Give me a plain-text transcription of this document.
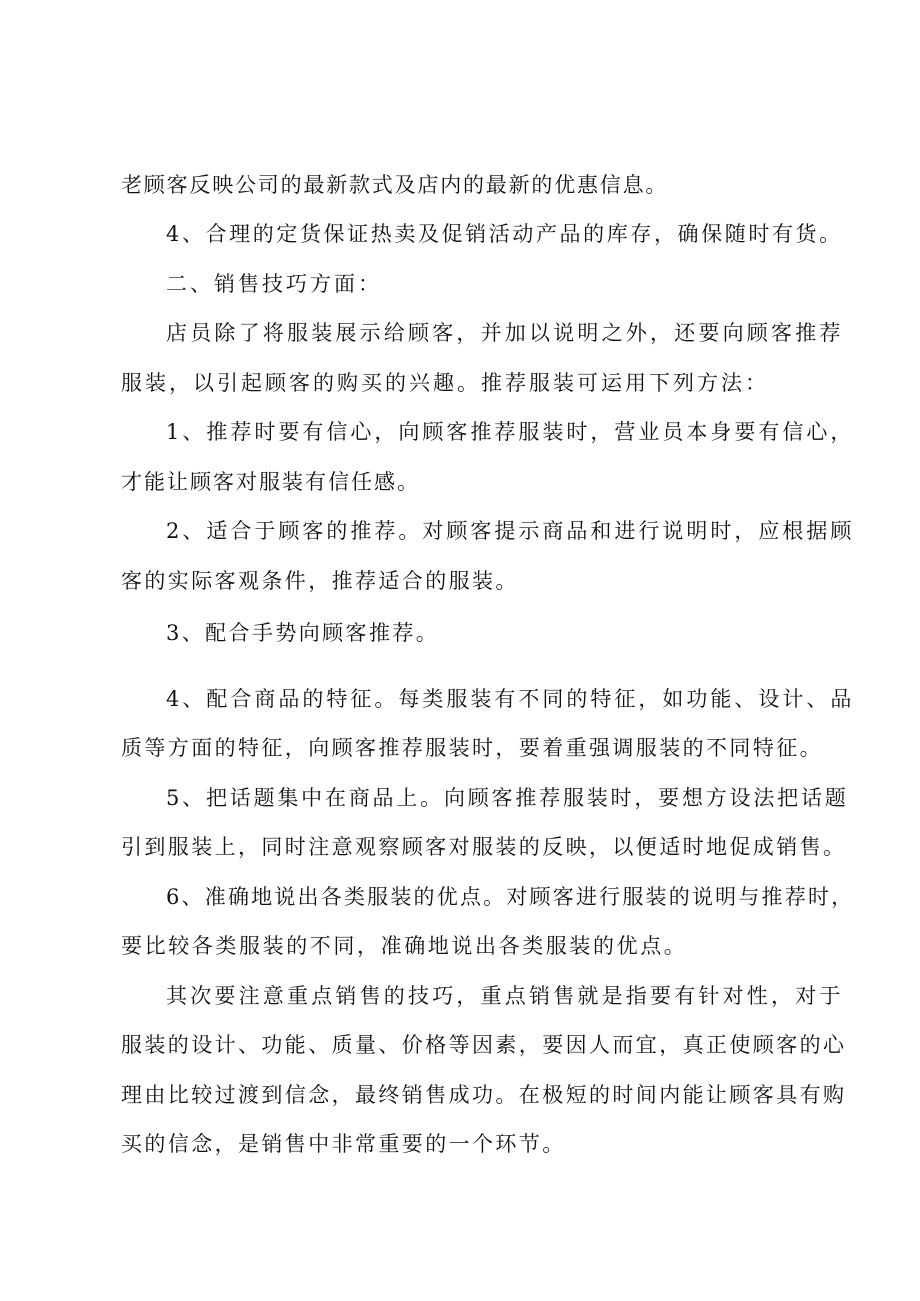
老顾客反映公司的最新款式及店内的最新的优惠信息。
4、合理的定货保证热卖及促销活动产品的库存，确保随时有货。
二、销售技巧方面：
店员除了将服装展示给顾客，并加以说明之外，还要向顾客推荐
服装，以引起顾客的购买的兴趣。推荐服装可运用下列方法：
1、推荐时要有信心，向顾客推荐服装时，营业员本身要有信心，
才能让顾客对服装有信任感。
2、适合于顾客的推荐。对顾客提示商品和进行说明时，应根据顾
客的实际客观条件，推荐适合的服装。
3、配合手势向顾客推荐。
4、配合商品的特征。每类服装有不同的特征，如功能、设计、品
质等方面的特征，向顾客推荐服装时，要着重强调服装的不同特征。
5、把话题集中在商品上。向顾客推荐服装时，要想方设法把话题
引到服装上，同时注意观察顾客对服装的反映，以便适时地促成销售。
6、准确地说出各类服装的优点。对顾客进行服装的说明与推荐时，
要比较各类服装的不同，准确地说出各类服装的优点。
其次要注意重点销售的技巧，重点销售就是指要有针对性，对于
服装的设计、功能、质量、价格等因素，要因人而宜，真正使顾客的心
理由比较过渡到信念，最终销售成功。在极短的时间内能让顾客具有购
买的信念，是销售中非常重要的一个环节。
